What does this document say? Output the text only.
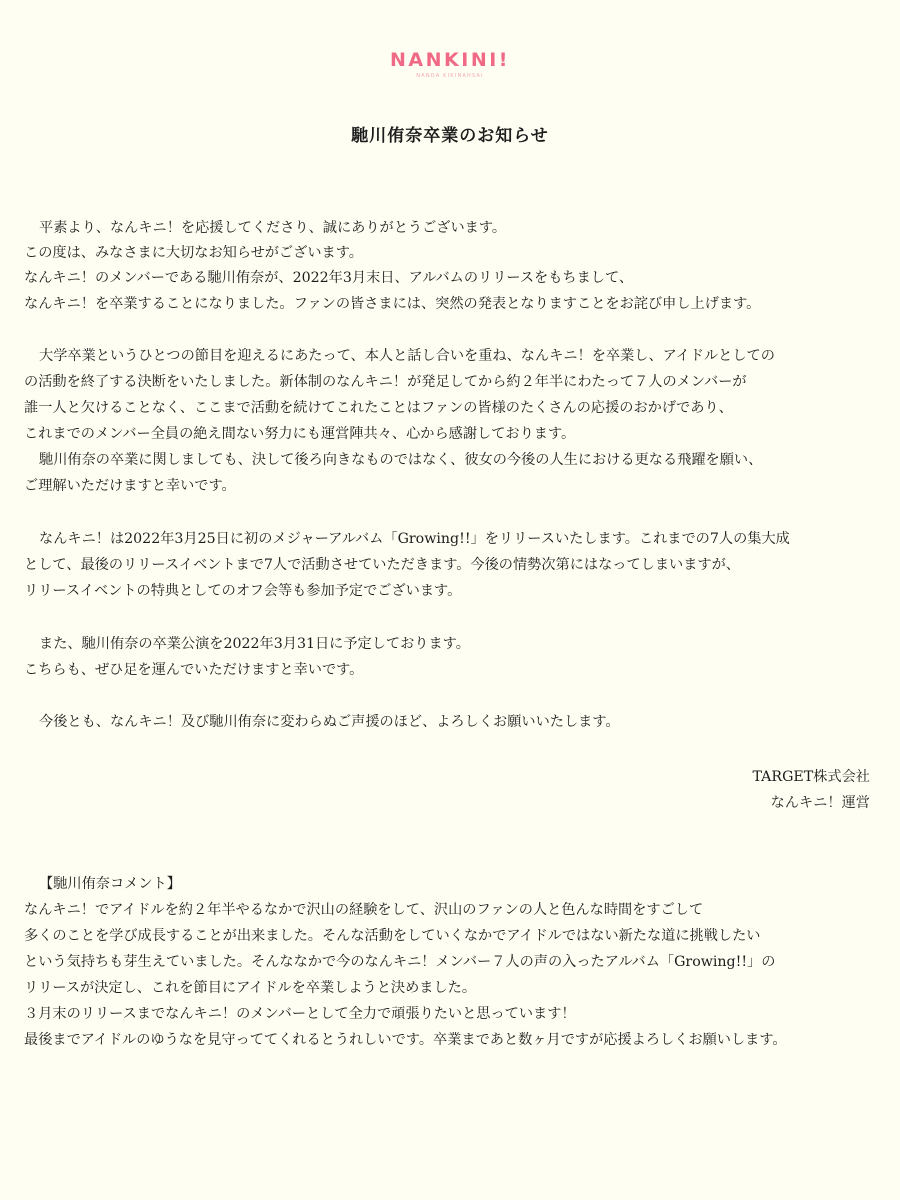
NANKINI!
NANDA KIKINAHSAI
馳川侑奈卒業のお知らせ
平素より、なんキニ！を応援してくださり、誠にありがとうございます。
この度は、みなさまに大切なお知らせがございます。
なんキニ！のメンバーである馳川侑奈が、2022年3月末日、アルバムのリリースをもちまして、
なんキニ！を卒業することになりました。ファンの皆さまには、突然の発表となりますことをお詫び申し上げます。
大学卒業というひとつの節目を迎えるにあたって、本人と話し合いを重ね、なんキニ！を卒業し、アイドルとしての
の活動を終了する決断をいたしました。新体制のなんキニ！が発足してから約２年半にわたって７人のメンバーが
誰一人と欠けることなく、ここまで活動を続けてこれたことはファンの皆様のたくさんの応援のおかげであり、
これまでのメンバー全員の絶え間ない努力にも運営陣共々、心から感謝しております。
馳川侑奈の卒業に関しましても、決して後ろ向きなものではなく、彼女の今後の人生における更なる飛躍を願い、
ご理解いただけますと幸いです。
なんキニ！は2022年3月25日に初のメジャーアルバム「Growing!!」をリリースいたします。これまでの7人の集大成
として、最後のリリースイベントまで7人で活動させていただきます。今後の情勢次第にはなってしまいますが、
リリースイベントの特典としてのオフ会等も参加予定でございます。
また、馳川侑奈の卒業公演を2022年3月31日に予定しております。
こちらも、ぜひ足を運んでいただけますと幸いです。
今後とも、なんキニ！及び馳川侑奈に変わらぬご声援のほど、よろしくお願いいたします。
TARGET株式会社
なんキニ！運営
【馳川侑奈コメント】
なんキニ！でアイドルを約２年半やるなかで沢山の経験をして、沢山のファンの人と色んな時間をすごして
多くのことを学び成長することが出来ました。そんな活動をしていくなかでアイドルではない新たな道に挑戦したい
という気持ちも芽生えていました。そんななかで今のなんキニ！メンバー７人の声の入ったアルバム「Growing!!」の
リリースが決定し、これを節目にアイドルを卒業しようと決めました。
３月末のリリースまでなんキニ！のメンバーとして全力で頑張りたいと思っています！
最後までアイドルのゆうなを見守っててくれるとうれしいです。卒業まであと数ヶ月ですが応援よろしくお願いします。
